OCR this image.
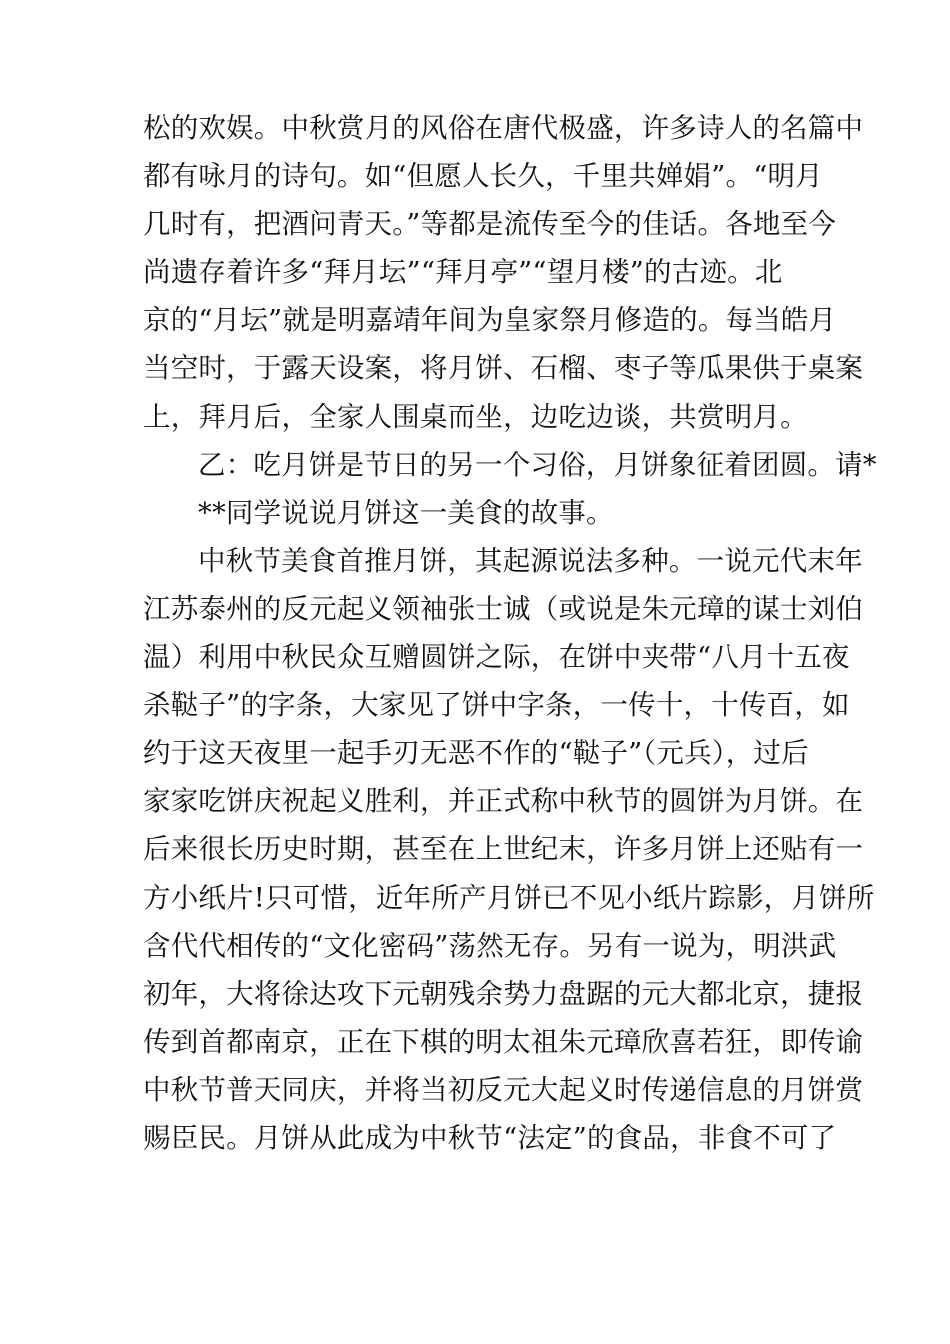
松的欢娱。中秋赏月的风俗在唐代极盛，许多诗人的名篇中
都有咏月的诗句。如“但愿人长久，千里共婵娟”。“明月
几时有，把酒问青天。”等都是流传至今的佳话。各地至今
尚遗存着许多“拜月坛”“拜月亭”“望月楼”的古迹。北
京的“月坛”就是明嘉靖年间为皇家祭月修造的。每当皓月
当空时，于露天设案，将月饼、石榴、枣子等瓜果供于桌案
上，拜月后，全家人围桌而坐，边吃边谈，共赏明月。
乙：吃月饼是节日的另一个习俗，月饼象征着团圆。请*
**同学说说月饼这一美食的故事。
中秋节美食首推月饼，其起源说法多种。一说元代末年
江苏泰州的反元起义领袖张士诚（或说是朱元璋的谋士刘伯
温）利用中秋民众互赠圆饼之际，在饼中夹带“八月十五夜
杀鞑子”的字条，大家见了饼中字条，一传十，十传百，如
约于这天夜里一起手刃无恶不作的“鞑子”（元兵），过后
家家吃饼庆祝起义胜利，并正式称中秋节的圆饼为月饼。在
后来很长历史时期，甚至在上世纪末，许多月饼上还贴有一
方小纸片!只可惜，近年所产月饼已不见小纸片踪影，月饼所
含代代相传的“文化密码”荡然无存。另有一说为，明洪武
初年，大将徐达攻下元朝残余势力盘踞的元大都北京，捷报
传到首都南京，正在下棋的明太祖朱元璋欣喜若狂，即传谕
中秋节普天同庆，并将当初反元大起义时传递信息的月饼赏
赐臣民。月饼从此成为中秋节“法定”的食品，非食不可了
